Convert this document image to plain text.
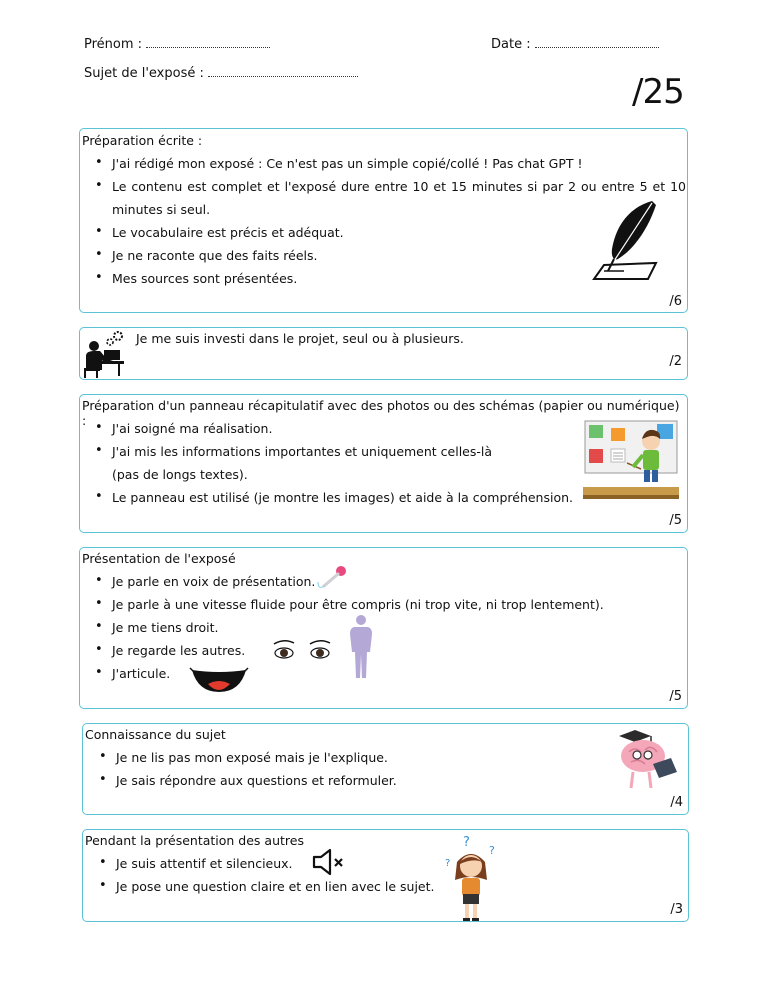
Prénom :	Date :
Sujet de l'exposé :	/25
Préparation écrite :
• J'ai rédigé mon exposé : Ce n'est pas un simple copié/collé ! Pas chat GPT !
• Le contenu est complet et l'exposé dure entre 10 et 15 minutes si par 2 ou entre 5 et 10
minutes si seul.
• Le vocabulaire est précis et adéquat.
• Je ne raconte que des faits réels.
• Mes sources sont présentées.
/6
Je me suis investi dans le projet, seul ou à plusieurs.
/2
Préparation d'un panneau récapitulatif avec des photos ou des schémas (papier ou numérique) :
• J'ai soigné ma réalisation.
• J'ai mis les informations importantes et uniquement celles-là
(pas de longs textes).
• Le panneau est utilisé (je montre les images) et aide à la compréhension.
/5
Présentation de l'exposé
• Je parle en voix de présentation.
• Je parle à une vitesse fluide pour être compris (ni trop vite, ni trop lentement).
• Je me tiens droit.
• Je regarde les autres.
• J'articule.
/5
Connaissance du sujet
• Je ne lis pas mon exposé mais je l'explique.
• Je sais répondre aux questions et reformuler.
/4
Pendant la présentation des autres
• Je suis attentif et silencieux.
• Je pose une question claire et en lien avec le sujet.
/3
?
?
?
